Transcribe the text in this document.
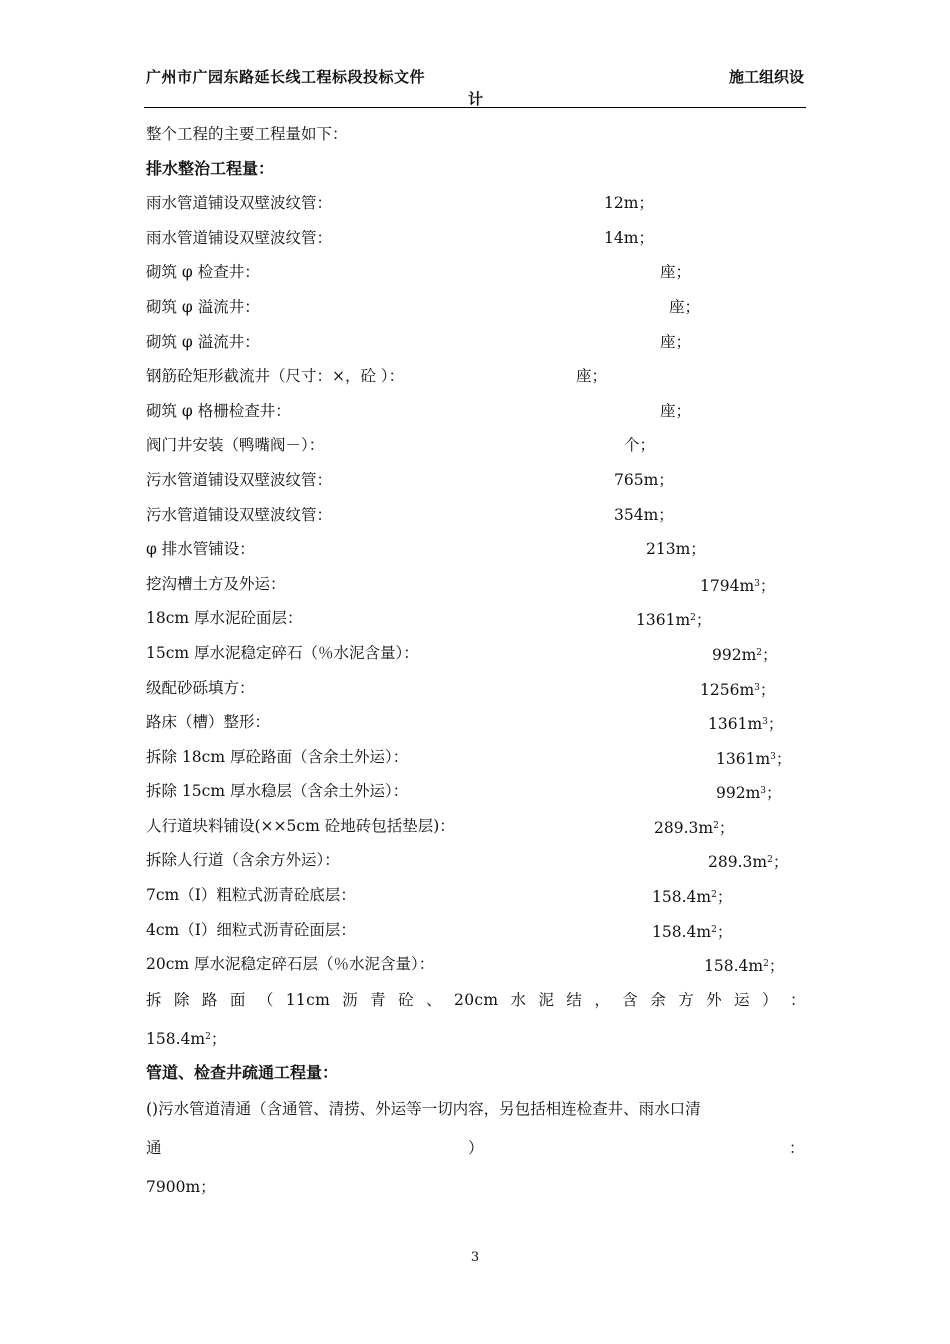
广州市广园东路延长线工程标段投标文件	施工组织设
计
整个工程的主要工程量如下：
排水整治工程量：
雨水管道铺设双壁波纹管：	12m；
雨水管道铺设双壁波纹管：	14m；
砌筑 φ 检查井：	座；
砌筑 φ 溢流井：	座；
砌筑 φ 溢流井：	座；
钢筋砼矩形截流井（尺寸：×，砼 ）：	座；
砌筑 φ 格栅检查井：	座；
阀门井安装（鸭嘴阀－）：	个；
污水管道铺设双壁波纹管：	765m；
污水管道铺设双壁波纹管：	354m；
φ 排水管铺设：	213m；
挖沟槽土方及外运：	$1794m^3$；
18cm 厚水泥砼面层：	$1361m^2$；
15cm 厚水泥稳定碎石（％水泥含量）：	$992m^2$；
级配砂砾填方：	$1256m^3$；
路床（槽）整形：	$1361m^3$；
拆除 18cm 厚砼路面（含余土外运）：	$1361m^3$；
拆除 15cm 厚水稳层（含余土外运）：	$992m^3$；
人行道块料铺设(××5cm 砼地砖包括垫层)：	$289.3m^2$；
拆除人行道（含余方外运）：	$289.3m^2$；
7cm（Ⅰ）粗粒式沥青砼底层：	$158.4m^2$；
4cm（Ⅰ）细粒式沥青砼面层：	$158.4m^2$；
20cm 厚水泥稳定碎石层（％水泥含量）：	$158.4m^2$；
拆 除 路 面 （ 11cm 沥 青 砼 、 20cm 水 泥 结 ， 含 余 方 外 运 ） ：
$158.4m^2$；
管道、检查井疏通工程量：
()污水管道清通（含通管、清捞、外运等一切内容，另包括相连检查井、雨水口清
通	）	：
7900m；
3
